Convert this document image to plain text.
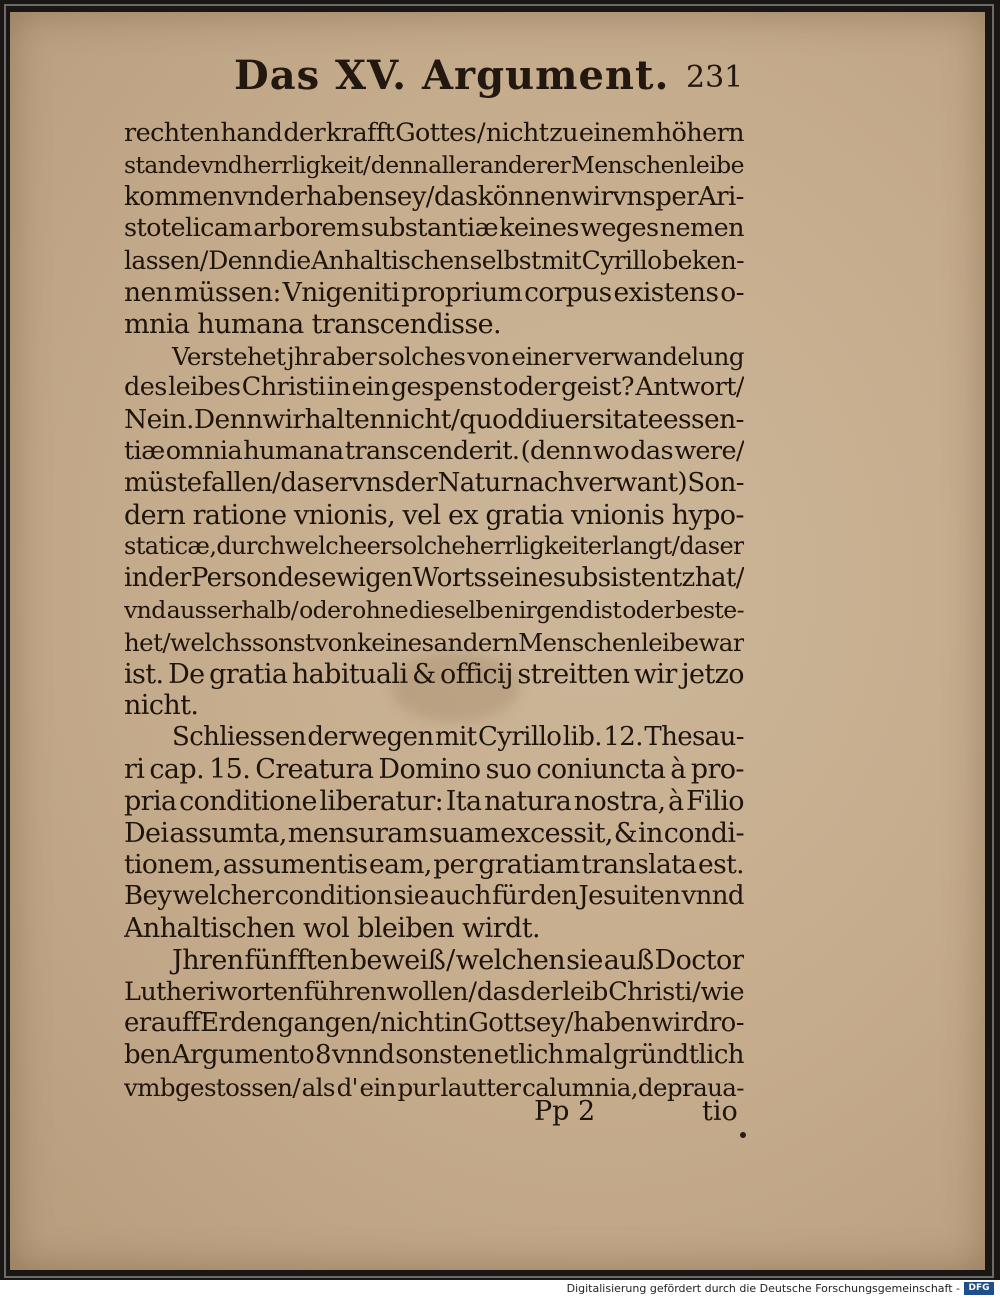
Das XV. Argument. 231
rechten hand der krafft Gottes / nicht zu einem höhern
stande vnd herrligkeit/ denn aller anderer Menschen leibe
kommen vnd erhaben sey / das können wir vns per Ari-
stotelicam arborem substantiæ keines weges nemen
lassen/ Denn die Anhaltischen selbst mit Cyrillo beken-
nen müssen: Vnigeniti proprium corpus existens o-
mnia humana transcendisse.
Verstehet jhr aber solches von einer verwandelung
des leibes Christi in ein gespenst oder geist? Antwort/
Nein. Denn wir halten nicht/ quod diuersitate essen-
tiæ omnia humana transcenderit. (denn wo das were/
müste fallen/das er vns der Natur nach verwant) Son-
dern ratione vnionis, vel ex gratia vnionis hypo-
staticæ, durch welche er solche herrligkeit erlangt / das er
in der Person des ewigen Worts seine subsistentz hat/
vnd ausserhalb/ oder ohne dieselbe nirgend ist oder beste-
het/ welchs sonst von keines andern Menschen leibe war
ist. De gratia habituali & officij streitten wir jetzo
nicht.
Schliessen derwegen mit Cyrillo lib. 12. Thesau-
ri cap. 15. Creatura Domino suo coniuncta à pro-
pria conditione liberatur: Ita natura nostra, à Filio
Dei assumta, mensuram suam excessit, & in condi-
tionem, assumentis eam, per gratiam translata est.
Bey welcher condition sie auch für den Jesuiten vnnd
Anhaltischen wol bleiben wirdt.
Jhren fünfften beweiß / welchen sie auß Doctor
Lutheri worten führen wollen / das der leib Christi / wie
er auff Erden gangen/ nicht in Gott sey/ haben wir dro-
ben Argumento 8 vnnd sonsten etlich mal gründtlich
vmbgestossen/ als d' ein pur lautter calumnia,deprauа-
Pp 2	tio
Digitalisierung gefördert durch die Deutsche Forschungsgemeinschaft - DFG
